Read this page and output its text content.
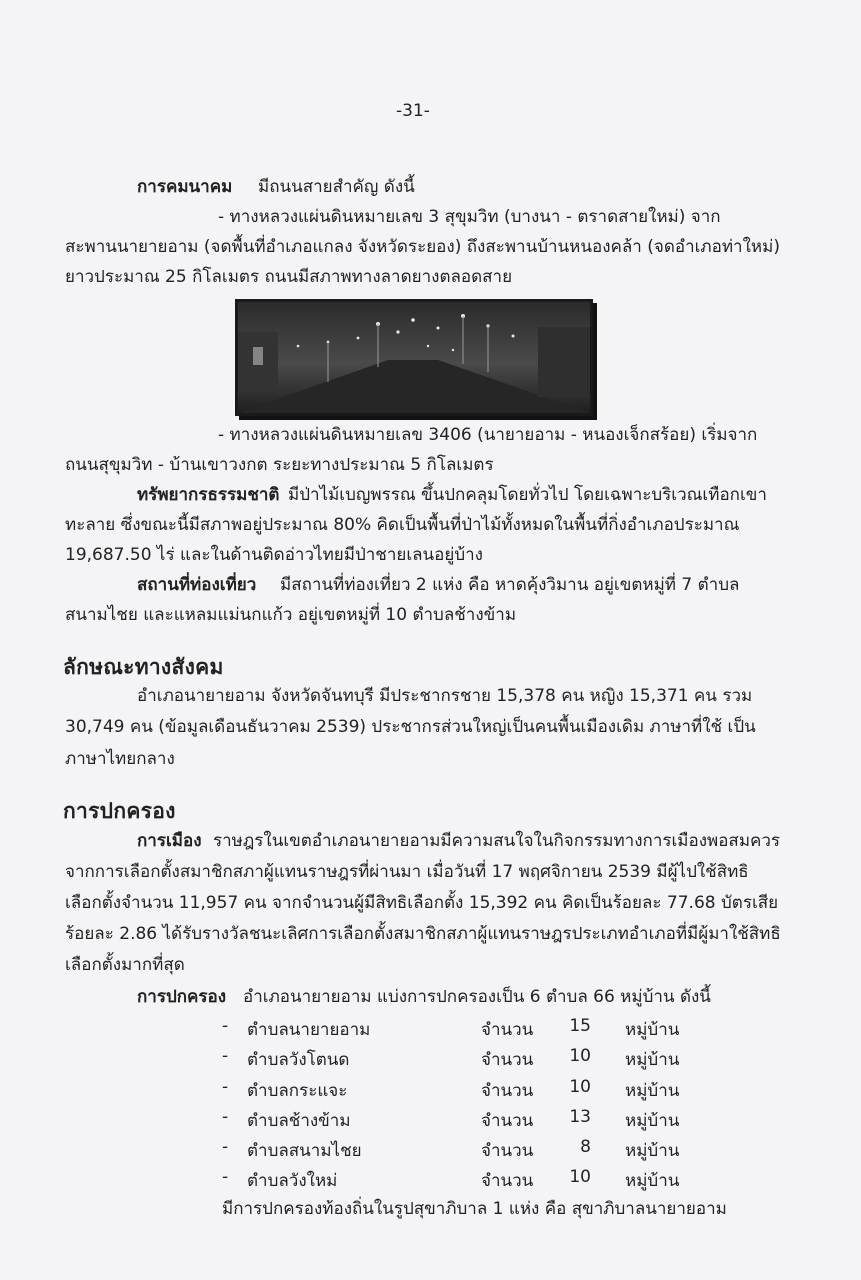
-31-
การคมนาคม มีถนนสายสำคัญ ดังนี้
- ทางหลวงแผ่นดินหมายเลข 3 สุขุมวิท (บางนา - ตราดสายใหม่) จาก
สะพานนายายอาม (จดพื้นที่อำเภอแกลง จังหวัดระยอง) ถึงสะพานบ้านหนองคล้า (จดอำเภอท่าใหม่)
ยาวประมาณ 25 กิโลเมตร ถนนมีสภาพทางลาดยางตลอดสาย
- ทางหลวงแผ่นดินหมายเลข 3406 (นายายอาม - หนองเจ็กสร้อย) เริ่มจาก
ถนนสุขุมวิท - บ้านเขาวงกต ระยะทางประมาณ 5 กิโลเมตร
ทรัพยากรธรรมชาติ มีป่าไม้เบญพรรณ ขึ้นปกคลุมโดยทั่วไป โดยเฉพาะบริเวณเทือกเขา
ทะลาย ซึ่งขณะนี้มีสภาพอยู่ประมาณ 80% คิดเป็นพื้นที่ป่าไม้ทั้งหมดในพื้นที่กิ่งอำเภอประมาณ
19,687.50 ไร่ และในด้านติดอ่าวไทยมีป่าชายเลนอยู่บ้าง
สถานที่ท่องเที่ยว มีสถานที่ท่องเที่ยว 2 แห่ง คือ หาดคุ้งวิมาน อยู่เขตหมู่ที่ 7 ตำบล
สนามไชย และแหลมแม่นกแก้ว อยู่เขตหมู่ที่ 10 ตำบลช้างข้าม
ลักษณะทางสังคม
อำเภอนายายอาม จังหวัดจันทบุรี มีประชากรชาย 15,378 คน หญิง 15,371 คน รวม
30,749 คน (ข้อมูลเดือนธันวาคม 2539) ประชากรส่วนใหญ่เป็นคนพื้นเมืองเดิม ภาษาที่ใช้ เป็น
ภาษาไทยกลาง
การปกครอง
การเมือง ราษฎรในเขตอำเภอนายายอามมีความสนใจในกิจกรรมทางการเมืองพอสมควร
จากการเลือกตั้งสมาชิกสภาผู้แทนราษฎรที่ผ่านมา เมื่อวันที่ 17 พฤศจิกายน 2539 มีผู้ไปใช้สิทธิ
เลือกตั้งจำนวน 11,957 คน จากจำนวนผู้มีสิทธิเลือกตั้ง 15,392 คน คิดเป็นร้อยละ 77.68 บัตรเสีย
ร้อยละ 2.86 ได้รับรางวัลชนะเลิศการเลือกตั้งสมาชิกสภาผู้แทนราษฎรประเภทอำเภอที่มีผู้มาใช้สิทธิ
เลือกตั้งมากที่สุด
การปกครอง อำเภอนายายอาม แบ่งการปกครองเป็น 6 ตำบล 66 หมู่บ้าน ดังนี้
- ตำบลนายายอาม	จำนวน	15 หมู่บ้าน
- ตำบลวังโตนด	จำนวน	10 หมู่บ้าน
- ตำบลกระแจะ	จำนวน	10 หมู่บ้าน
- ตำบลช้างข้าม	จำนวน	13 หมู่บ้าน
- ตำบลสนามไชย	จำนวน	8 หมู่บ้าน
- ตำบลวังใหม่	จำนวน	10 หมู่บ้าน
มีการปกครองท้องถิ่นในรูปสุขาภิบาล 1 แห่ง คือ สุขาภิบาลนายายอาม
